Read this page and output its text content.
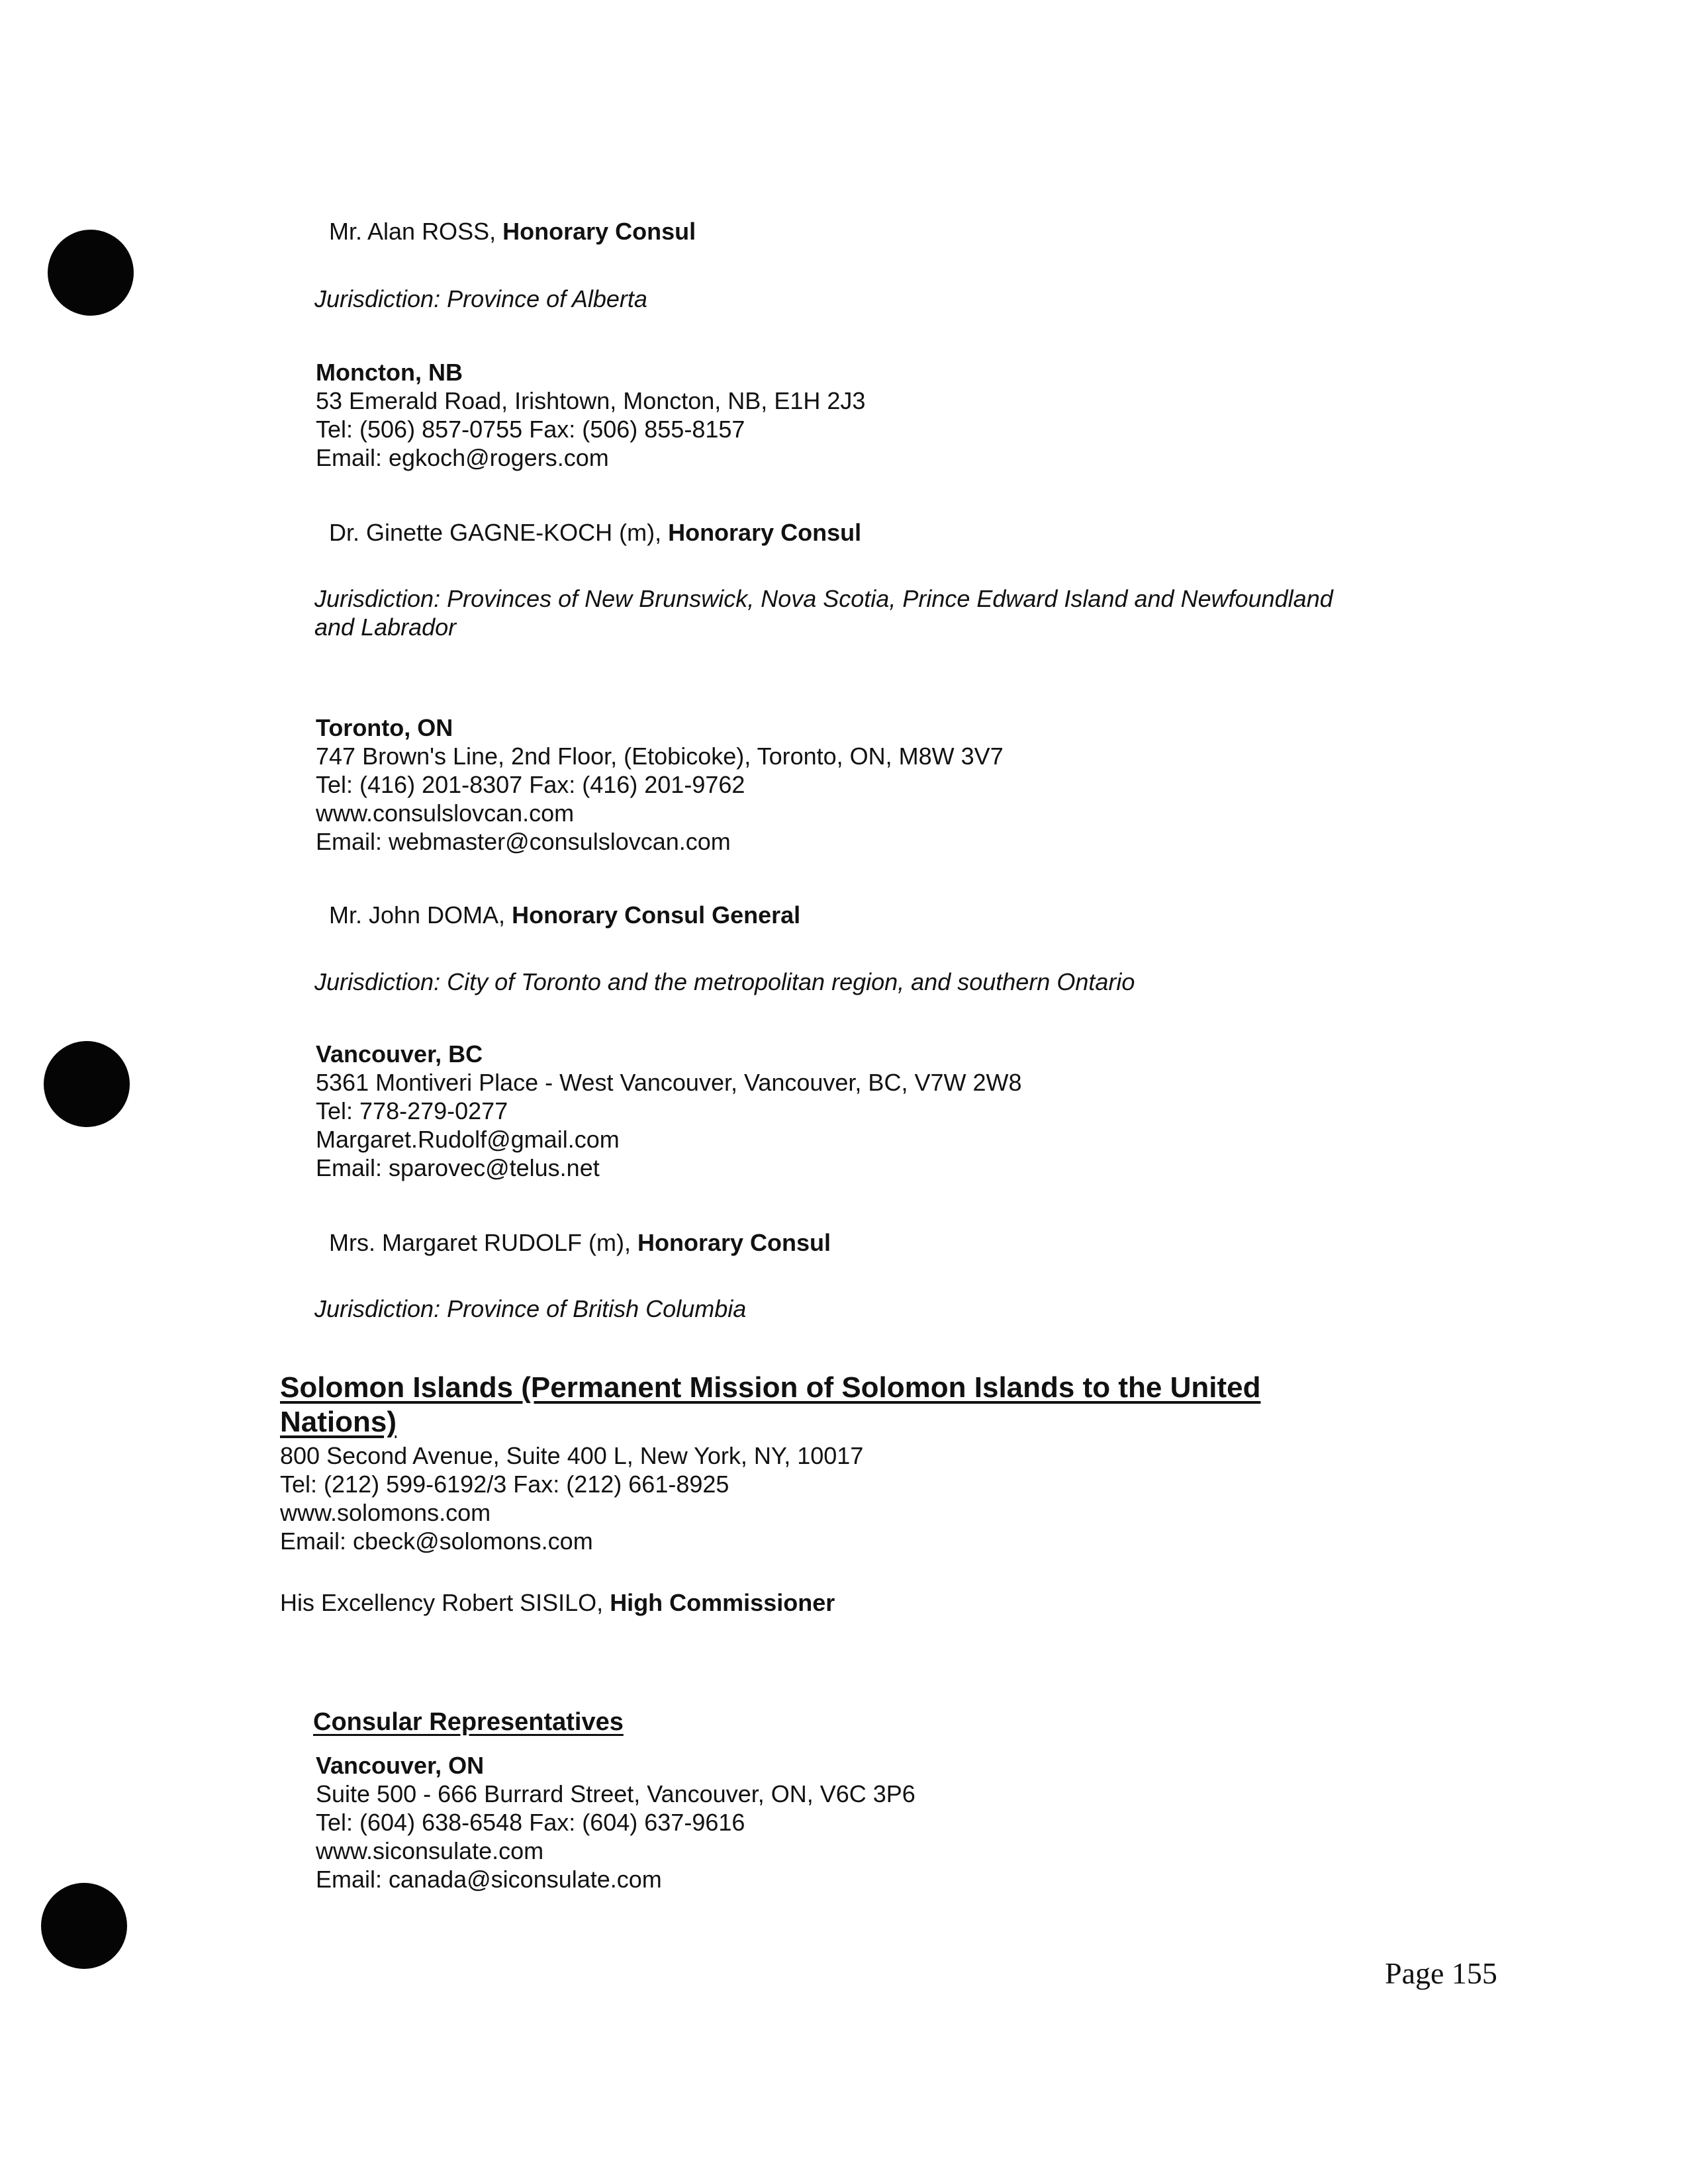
Mr. Alan ROSS, Honorary Consul
Jurisdiction: Province of Alberta
Moncton, NB
53 Emerald Road, Irishtown, Moncton, NB, E1H 2J3
Tel: (506) 857-0755 Fax: (506) 855-8157
Email: egkoch@rogers.com
Dr. Ginette GAGNE-KOCH (m), Honorary Consul
Jurisdiction: Provinces of New Brunswick, Nova Scotia, Prince Edward Island and Newfoundland
and Labrador
Toronto, ON
747 Brown's Line, 2nd Floor, (Etobicoke), Toronto, ON, M8W 3V7
Tel: (416) 201-8307 Fax: (416) 201-9762
www.consulslovcan.com
Email: webmaster@consulslovcan.com
Mr. John DOMA, Honorary Consul General
Jurisdiction: City of Toronto and the metropolitan region, and southern Ontario
Vancouver, BC
5361 Montiveri Place - West Vancouver, Vancouver, BC, V7W 2W8
Tel: 778-279-0277
Margaret.Rudolf@gmail.com
Email: sparovec@telus.net
Mrs. Margaret RUDOLF (m), Honorary Consul
Jurisdiction: Province of British Columbia
Solomon Islands (Permanent Mission of Solomon Islands to the United
Nations)
800 Second Avenue, Suite 400 L, New York, NY, 10017
Tel: (212) 599-6192/3 Fax: (212) 661-8925
www.solomons.com
Email: cbeck@solomons.com
His Excellency Robert SISILO, High Commissioner
Consular Representatives
Vancouver, ON
Suite 500 - 666 Burrard Street, Vancouver, ON, V6C 3P6
Tel: (604) 638-6548 Fax: (604) 637-9616
www.siconsulate.com
Email: canada@siconsulate.com
Page 155
